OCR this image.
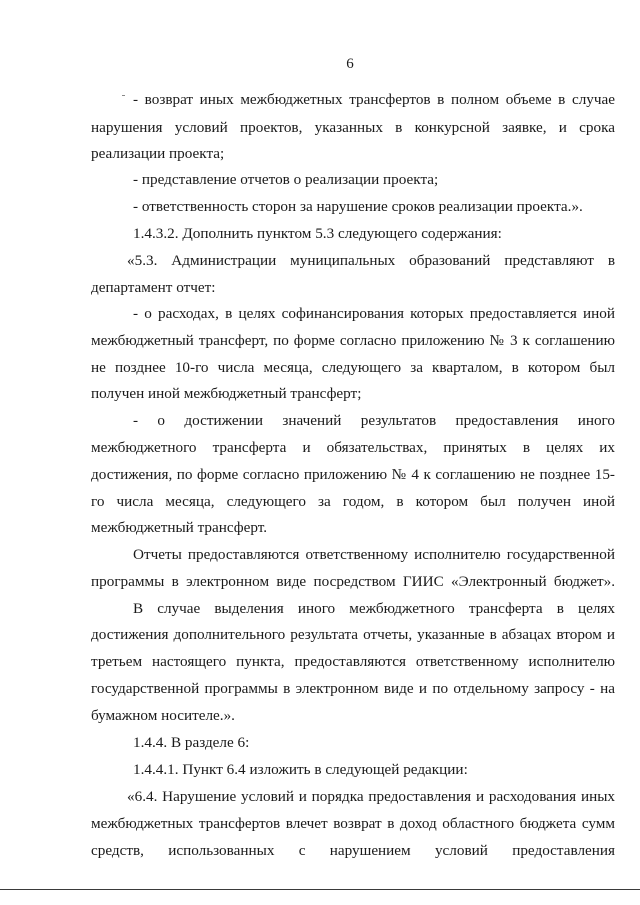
6
- возврат иных межбюджетных трансфертов в полном объеме в случае
нарушения условий проектов, указанных в конкурсной заявке, и срока
реализации проекта;
- представление отчетов о реализации проекта;
- ответственность сторон за нарушение сроков реализации проекта.».
1.4.3.2. Дополнить пунктом 5.3 следующего содержания:
«5.3. Администрации муниципальных образований представляют в
департамент отчет:
- о расходах, в целях софинансирования которых предоставляется иной
межбюджетный трансферт, по форме согласно приложению № 3 к соглашению
не позднее 10-го числа месяца, следующего за кварталом, в котором был
получен иной межбюджетный трансферт;
- о достижении значений результатов предоставления иного
межбюджетного трансферта и обязательствах, принятых в целях их
достижения, по форме согласно приложению № 4 к соглашению не позднее 15-
го числа месяца, следующего за годом, в котором был получен иной
межбюджетный трансферт.
Отчеты предоставляются ответственному исполнителю государственной
программы в электронном виде посредством ГИИС «Электронный бюджет».
В случае выделения иного межбюджетного трансферта в целях
достижения дополнительного результата отчеты, указанные в абзацах втором и
третьем настоящего пункта, предоставляются ответственному исполнителю
государственной программы в электронном виде и по отдельному запросу - на
бумажном носителе.».
1.4.4. В разделе 6:
1.4.4.1. Пункт 6.4 изложить в следующей редакции:
«6.4. Нарушение условий и порядка предоставления и расходования иных
межбюджетных трансфертов влечет возврат в доход областного бюджета сумм
средств, использованных с нарушением условий предоставления
